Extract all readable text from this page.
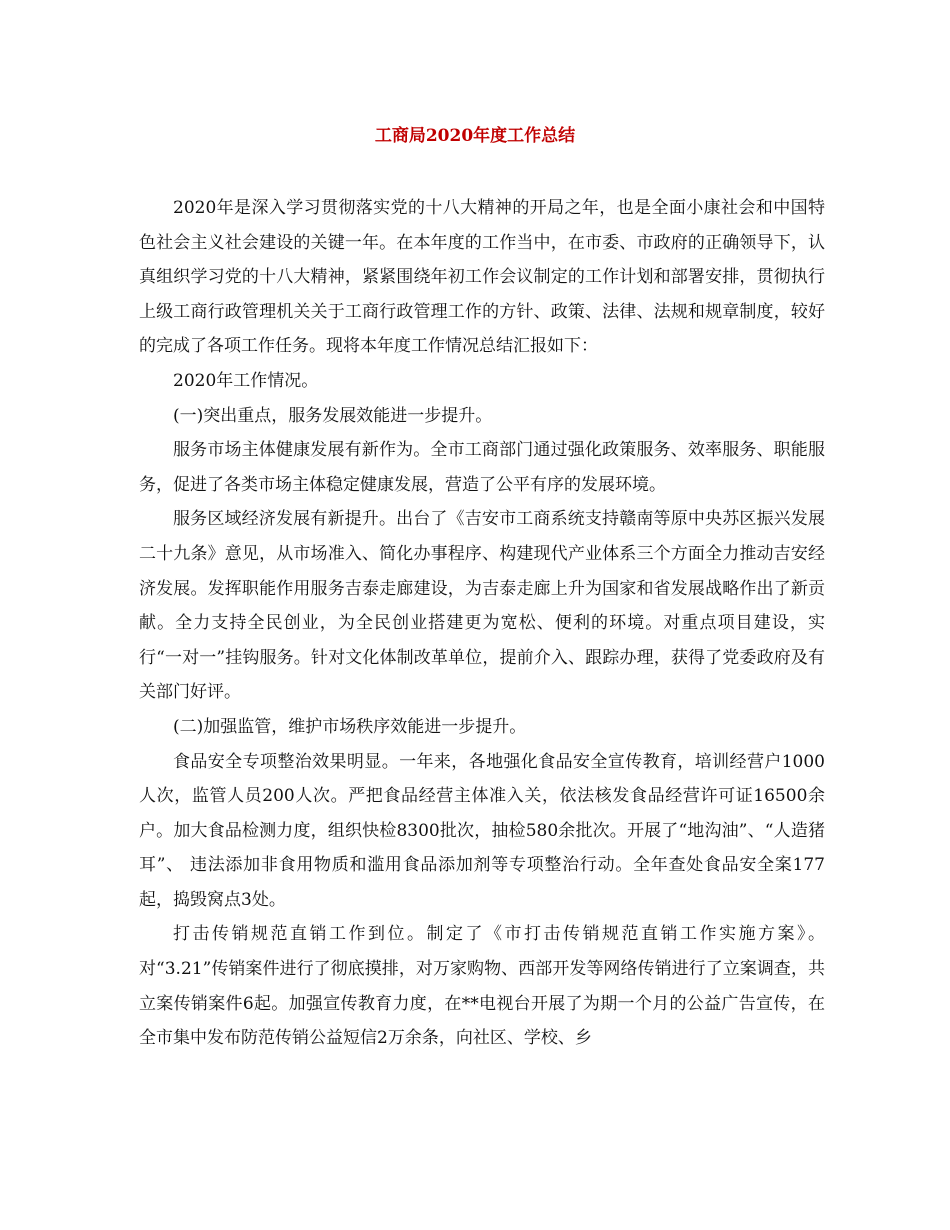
工商局2020年度工作总结

2020年是深入学习贯彻落实党的十八大精神的开局之年，也是全面小康社会和中国特色社会主义社会建设的关键一年。在本年度的工作当中，在市委、市政府的正确领导下，认真组织学习党的十八大精神，紧紧围绕年初工作会议制定的工作计划和部署安排，贯彻执行上级工商行政管理机关关于工商行政管理工作的方针、政策、法律、法规和规章制度，较好的完成了各项工作任务。现将本年度工作情况总结汇报如下：

2020年工作情况。

(一)突出重点，服务发展效能进一步提升。

服务市场主体健康发展有新作为。全市工商部门通过强化政策服务、效率服务、职能服务，促进了各类市场主体稳定健康发展，营造了公平有序的发展环境。

服务区域经济发展有新提升。出台了《吉安市工商系统支持赣南等原中央苏区振兴发展二十九条》意见，从市场准入、简化办事程序、构建现代产业体系三个方面全力推动吉安经济发展。发挥职能作用服务吉泰走廊建设，为吉泰走廊上升为国家和省发展战略作出了新贡献。全力支持全民创业，为全民创业搭建更为宽松、便利的环境。对重点项目建设，实行“一对一”挂钩服务。针对文化体制改革单位，提前介入、跟踪办理，获得了党委政府及有关部门好评。

(二)加强监管，维护市场秩序效能进一步提升。

食品安全专项整治效果明显。一年来，各地强化食品安全宣传教育，培训经营户1000人次，监管人员200人次。严把食品经营主体准入关，依法核发食品经营许可证16500余户。加大食品检测力度，组织快检8300批次，抽检580余批次。开展了“地沟油”、“人造猪耳”、 违法添加非食用物质和滥用食品添加剂等专项整治行动。全年查处食品安全案177起，捣毁窝点3处。

打击传销规范直销工作到位。制定了《市打击传销规范直销工作实施方案》。对“3.21”传销案件进行了彻底摸排，对万家购物、西部开发等网络传销进行了立案调查，共立案传销案件6起。加强宣传教育力度，在**电视台开展了为期一个月的公益广告宣传，在全市集中发布防范传销公益短信2万余条，向社区、学校、乡
